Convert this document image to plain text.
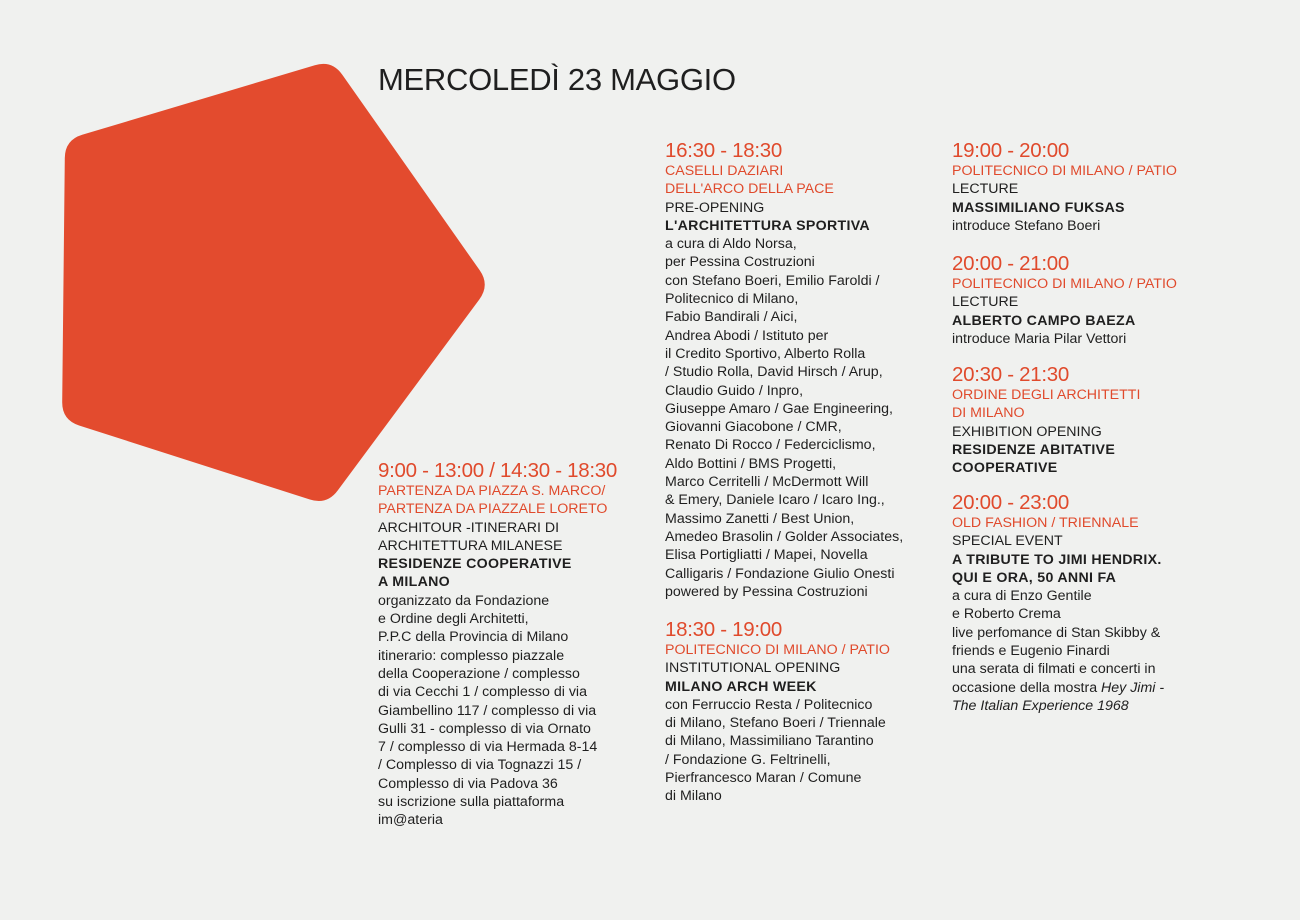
MERCOLEDÌ 23 MAGGIO
9:00 - 13:00 / 14:30 - 18:30
PARTENZA DA PIAZZA S. MARCO/
PARTENZA DA PIAZZALE LORETO
ARCHITOUR -ITINERARI DI
ARCHITETTURA MILANESE
RESIDENZE COOPERATIVE
A MILANO
organizzato da Fondazione
e Ordine degli Architetti,
P.P.C della Provincia di Milano
itinerario: complesso piazzale
della Cooperazione / complesso
di via Cecchi 1 / complesso di via
Giambellino 117 / complesso di via
Gulli 31 - complesso di via Ornato
7 / complesso di via Hermada 8-14
/ Complesso di via Tognazzi 15 /
Complesso di via Padova 36
su iscrizione sulla piattaforma
im@ateria
16:30 - 18:30
CASELLI DAZIARI
DELL'ARCO DELLA PACE
PRE-OPENING
L'ARCHITETTURA SPORTIVA
a cura di Aldo Norsa,
per Pessina Costruzioni
con Stefano Boeri, Emilio Faroldi /
Politecnico di Milano,
Fabio Bandirali / Aici,
Andrea Abodi / Istituto per
il Credito Sportivo, Alberto Rolla
/ Studio Rolla, David Hirsch / Arup,
Claudio Guido / Inpro,
Giuseppe Amaro / Gae Engineering,
Giovanni Giacobone / CMR,
Renato Di Rocco / Federciclismo,
Aldo Bottini / BMS Progetti,
Marco Cerritelli / McDermott Will
& Emery, Daniele Icaro / Icaro Ing.,
Massimo Zanetti / Best Union,
Amedeo Brasolin / Golder Associates,
Elisa Portigliatti / Mapei, Novella
Calligaris / Fondazione Giulio Onesti
powered by Pessina Costruzioni
18:30 - 19:00
POLITECNICO DI MILANO / PATIO
INSTITUTIONAL OPENING
MILANO ARCH WEEK
con Ferruccio Resta / Politecnico
di Milano, Stefano Boeri / Triennale
di Milano, Massimiliano Tarantino
/ Fondazione G. Feltrinelli,
Pierfrancesco Maran / Comune
di Milano
19:00 - 20:00
POLITECNICO DI MILANO / PATIO
LECTURE
MASSIMILIANO FUKSAS
introduce Stefano Boeri
20:00 - 21:00
POLITECNICO DI MILANO / PATIO
LECTURE
ALBERTO CAMPO BAEZA
introduce Maria Pilar Vettori
20:30 - 21:30
ORDINE DEGLI ARCHITETTI
DI MILANO
EXHIBITION OPENING
RESIDENZE ABITATIVE
COOPERATIVE
20:00 - 23:00
OLD FASHION / TRIENNALE
SPECIAL EVENT
A TRIBUTE TO JIMI HENDRIX.
QUI E ORA, 50 ANNI FA
a cura di Enzo Gentile
e Roberto Crema
live perfomance di Stan Skibby &
friends e Eugenio Finardi
una serata di filmati e concerti in
occasione della mostra Hey Jimi -
The Italian Experience 1968
